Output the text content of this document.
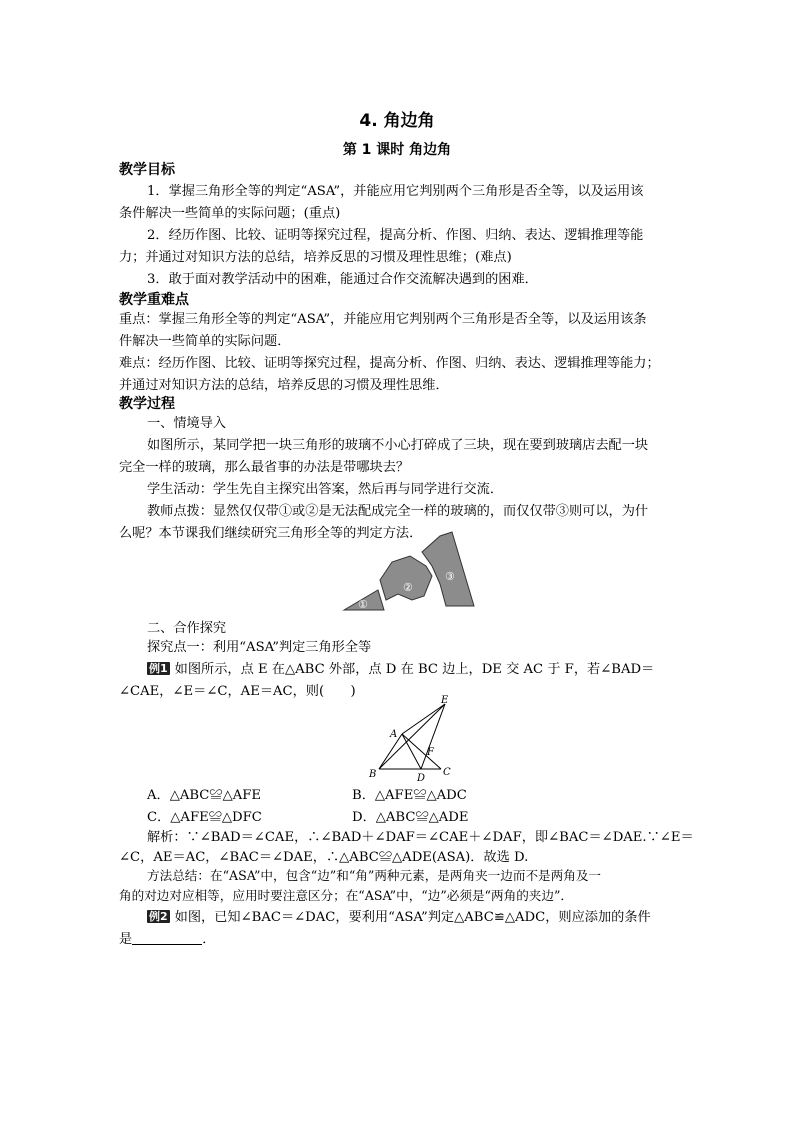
4. 角边角
第 1 课时 角边角
教学目标
1．掌握三角形全等的判定“ASA”，并能应用它判别两个三角形是否全等，以及运用该
条件解决一些简单的实际问题；(重点)
2．经历作图、比较、证明等探究过程，提高分析、作图、归纳、表达、逻辑推理等能
力；并通过对知识方法的总结，培养反思的习惯及理性思维；(难点)
3．敢于面对教学活动中的困难，能通过合作交流解决遇到的困难．
教学重难点
重点：掌握三角形全等的判定“ASA”，并能应用它判别两个三角形是否全等，以及运用该条
件解决一些简单的实际问题．
难点：经历作图、比较、证明等探究过程，提高分析、作图、归纳、表达、逻辑推理等能力；
并通过对知识方法的总结，培养反思的习惯及理性思维．
教学过程
一、情境导入
如图所示，某同学把一块三角形的玻璃不小心打碎成了三块，现在要到玻璃店去配一块
完全一样的玻璃，那么最省事的办法是带哪块去？
学生活动：学生先自主探究出答案，然后再与同学进行交流．
教师点拨：显然仅仅带①或②是无法配成完全一样的玻璃的，而仅仅带③则可以，为什
么呢？本节课我们继续研究三角形全等的判定方法．
①
②
③
二、合作探究
探究点一：利用“ASA”判定三角形全等
例1 如图所示，点 E 在△ABC 外部，点 D 在 BC 边上，DE 交 AC 于 F，若∠BAD＝
∠CAE，∠E＝∠C，AE＝AC，则(　　)
A
B	C
D
E
F
A．△ABC≌△AFE	B．△AFE≌△ADC
C．△AFE≌△DFC	D．△ABC≌△ADE
解析：∵∠BAD＝∠CAE，∴∠BAD＋∠DAF＝∠CAE＋∠DAF，即∠BAC＝∠DAE.∵∠E＝
∠C，AE＝AC，∠BAC＝∠DAE，∴△ABC≌△ADE(ASA)．故选 D.
方法总结：在“ASA”中，包含“边”和“角”两种元素，是两角夹一边而不是两角及一
角的对边对应相等，应用时要注意区分；在“ASA”中，“边”必须是“两角的夹边”．
例2 如图，已知∠BAC＝∠DAC，要利用“ASA”判定△ABC≌△ADC，则应添加的条件
是	．
